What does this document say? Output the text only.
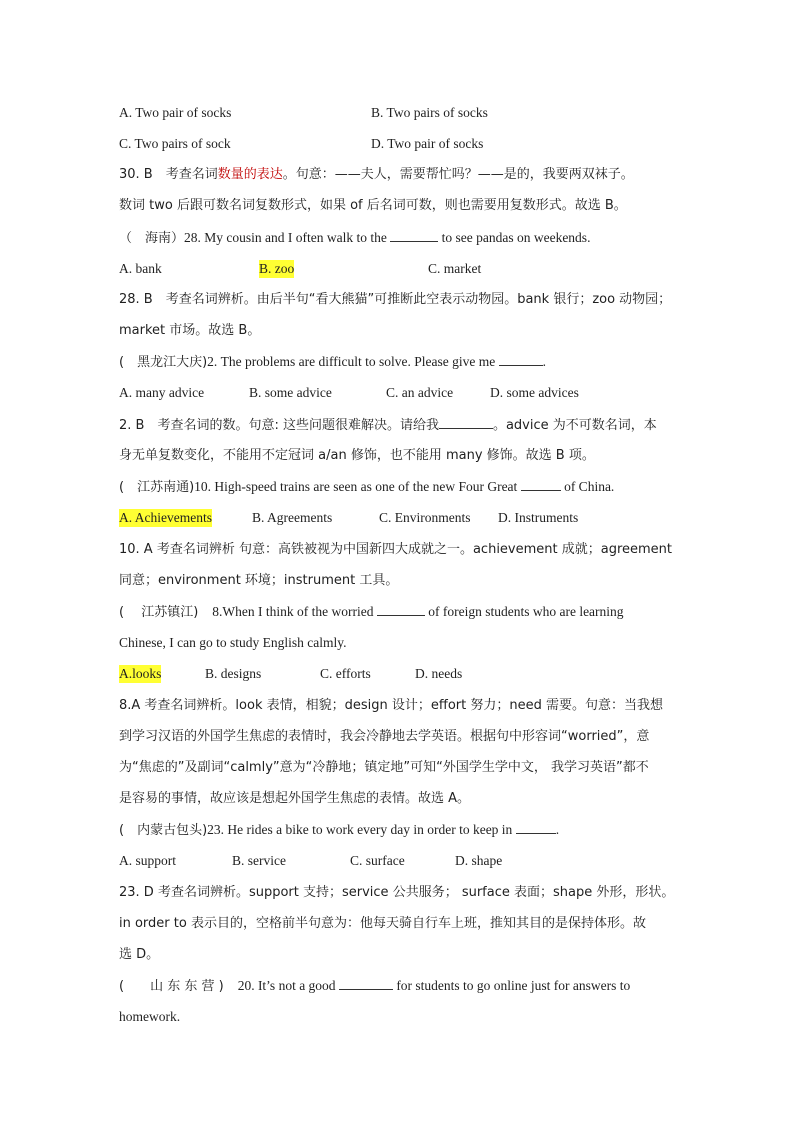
A. Two pair of socks	B. Two pairs of socks
C. Two pairs of sock	D. Two pair of socks
30. B　考查名词数量的表达。句意：——夫人，需要帮忙吗？——是的，我要两双袜子。
数词 two 后跟可数名词复数形式，如果 of 后名词可数，则也需要用复数形式。故选 B。
（　海南）28. My cousin and I often walk to the	to see pandas on weekends.
A. bank	B. zoo	C. market
28. B　考查名词辨析。由后半句“看大熊猫”可推断此空表示动物园。bank 银行；zoo 动物园；
market 市场。故选 B。
(　黑龙江大庆)2. The problems are difficult to solve. Please give me	.
A. many advice	B. some advice	C. an advice	D. some advices
2. B　考查名词的数。句意: 这些问题很难解决。请给我	。advice 为不可数名词，本
身无单复数变化，不能用不定冠词 a/an 修饰，也不能用 many 修饰。故选 B 项。
(　江苏南通)10. High-speed trains are seen as one of the new Four Great	of China.
A. Achievements	B. Agreements	C. Environments D. Instruments
10. A 考查名词辨析 句意：高铁被视为中国新四大成就之一。achievement 成就；agreement
同意；environment 环境；instrument 工具。
(　 江苏镇江) 8.When I think of the worried	of foreign students who are learning
Chinese, I can go to study English calmly.
A.looks	B. designs	C. efforts	D. needs
8.A 考查名词辨析。look 表情，相貌；design 设计；effort 努力；need 需要。句意：当我想
到学习汉语的外国学生焦虑的表情时，我会冷静地去学英语。根据句中形容词“worried”，意
为“焦虑的”及副词“calmly”意为“冷静地；镇定地”可知“外国学生学中文， 我学习英语”都不
是容易的事情，故应该是想起外国学生焦虑的表情。故选 A。
(　内蒙古包头)23. He rides a bike to work every day in order to keep in	.
A. support	B. service	C. surface	D. shape
23. D 考查名词辨析。support 支持；service 公共服务； surface 表面；shape 外形，形状。
in order to 表示目的，空格前半句意为：他每天骑自行车上班，推知其目的是保持体形。故
选 D。
(　　山 东 东 营 ) 20. It’s not a good	for students to go online just for answers to
homework.
